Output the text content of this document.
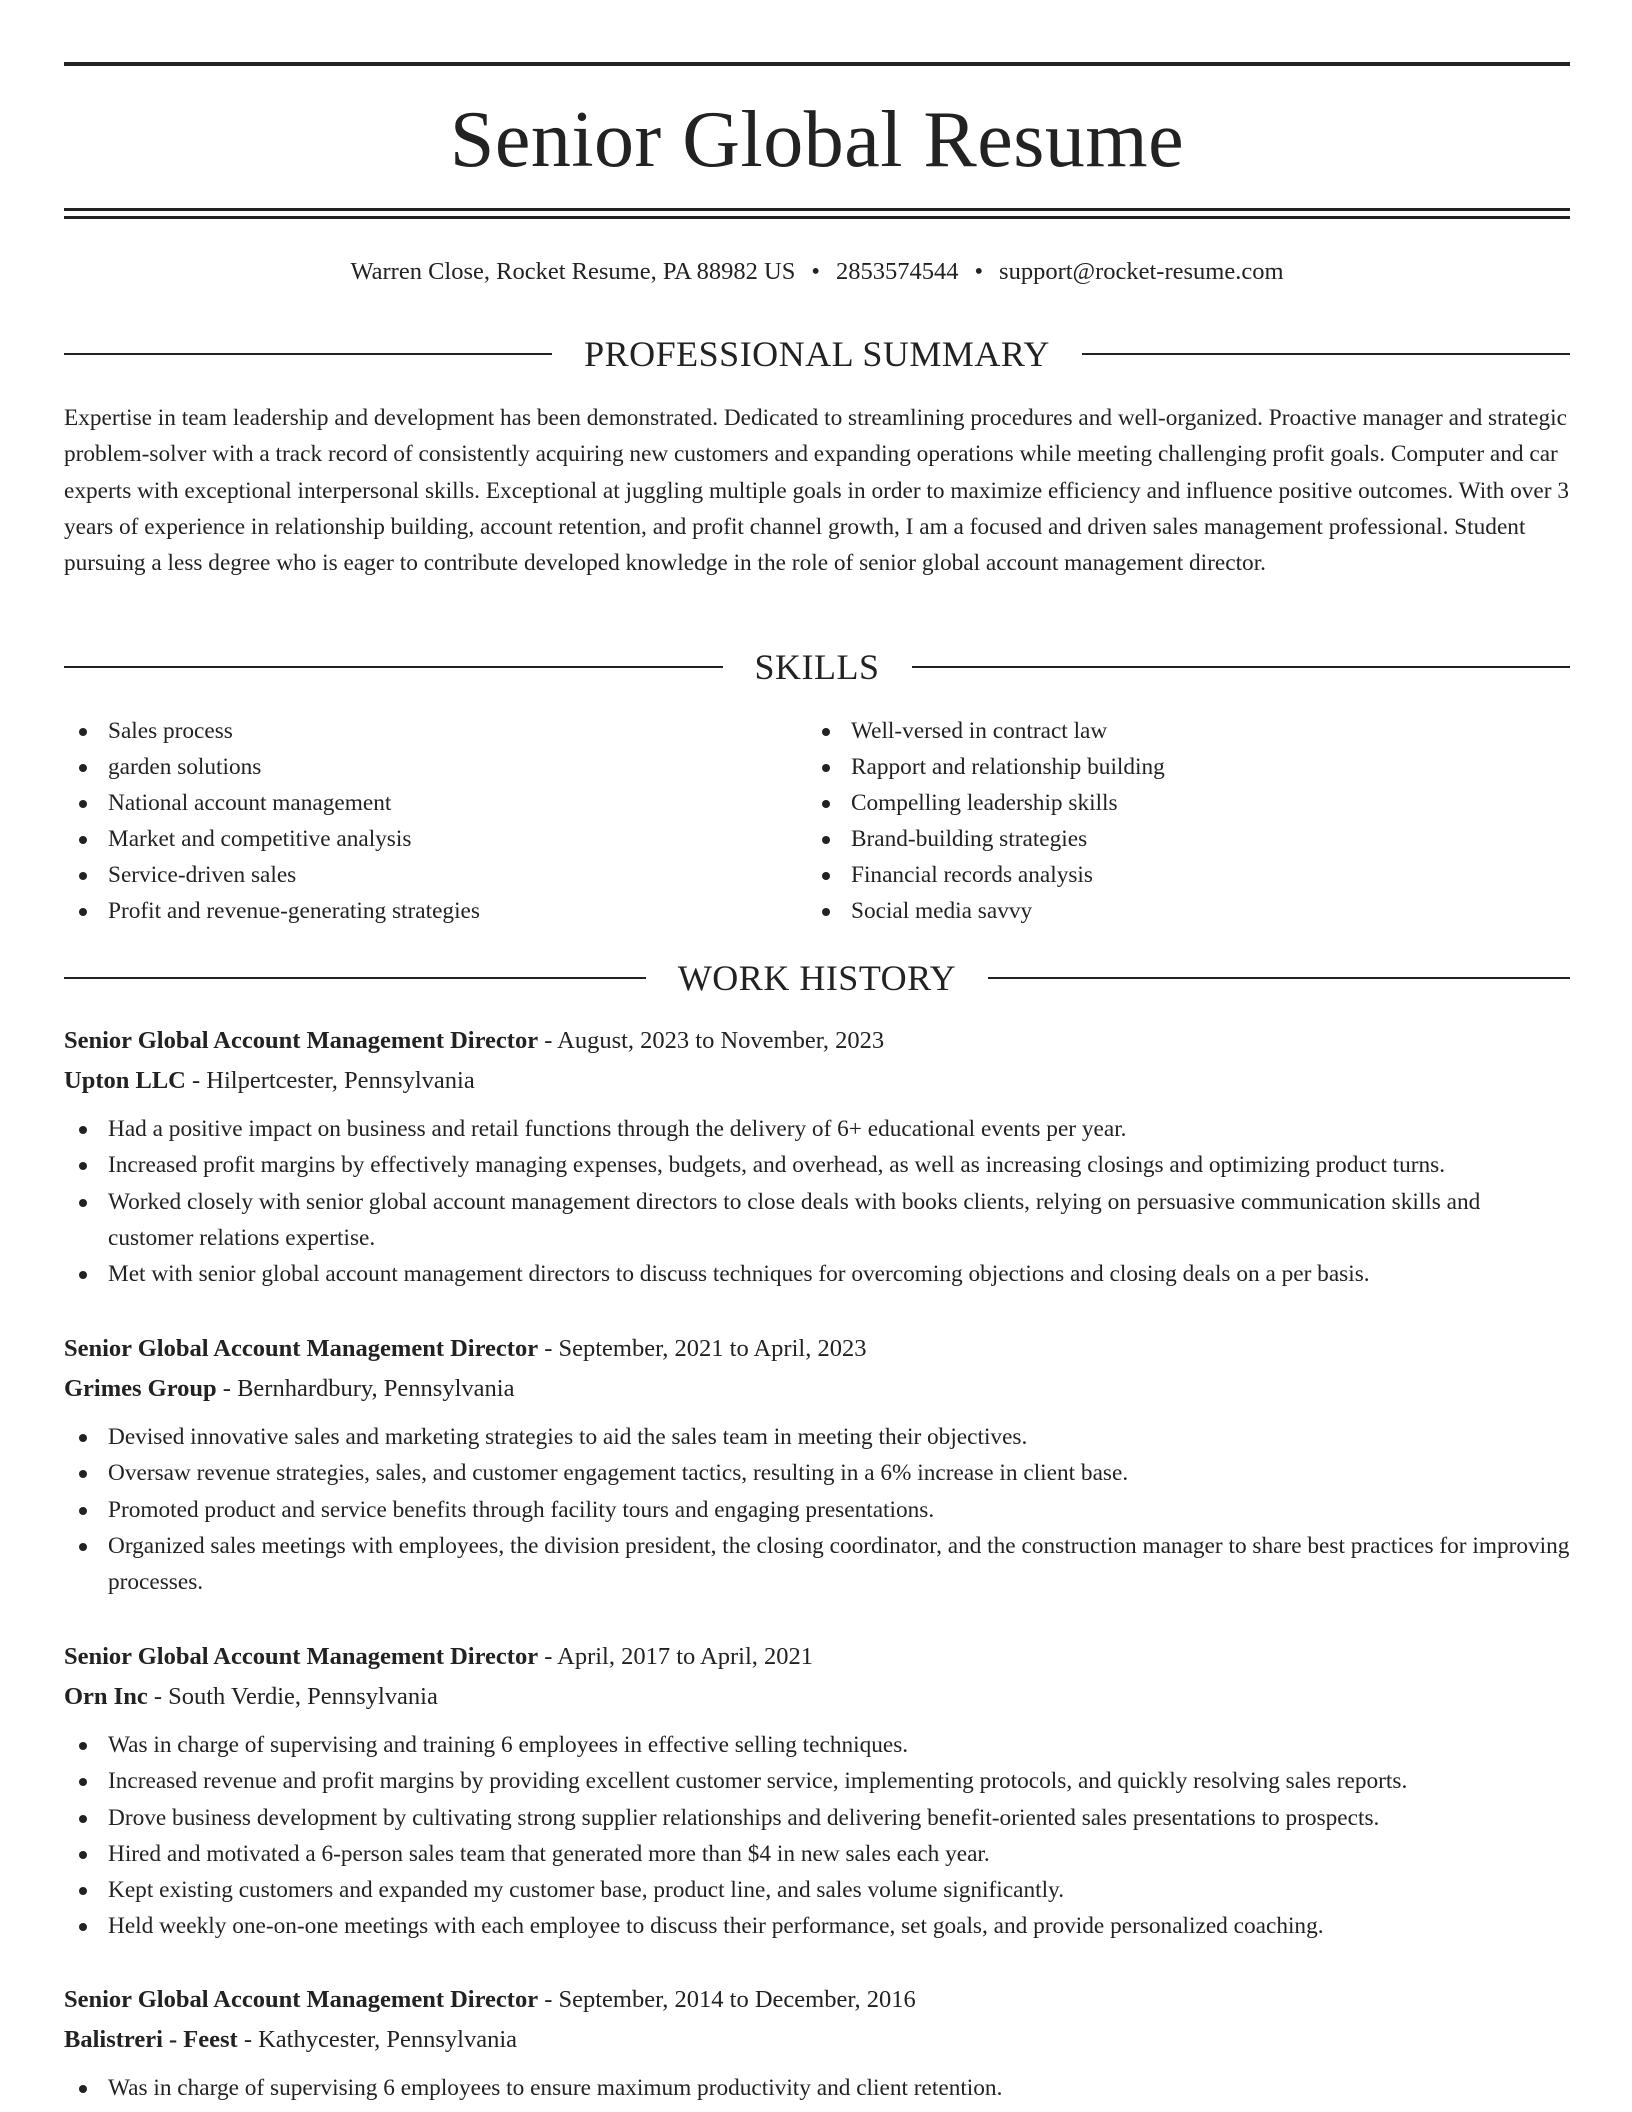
Senior Global Resume
Warren Close, Rocket Resume, PA 88982 US • 2853574544 • support@rocket-resume.com
PROFESSIONAL SUMMARY

Expertise in team leadership and development has been demonstrated. Dedicated to streamlining procedures and well-organized. Proactive manager and strategic problem-solver with a track record of consistently acquiring new customers and expanding operations while meeting challenging profit goals. Computer and car experts with exceptional interpersonal skills. Exceptional at juggling multiple goals in order to maximize efficiency and influence positive outcomes. With over 3 years of experience in relationship building, account retention, and profit channel growth, I am a focused and driven sales management professional. Student pursuing a less degree who is eager to contribute developed knowledge in the role of senior global account management director.

SKILLS
Sales process
garden solutions
National account management
Market and competitive analysis
Service-driven sales
Profit and revenue-generating strategies
Well-versed in contract law
Rapport and relationship building
Compelling leadership skills
Brand-building strategies
Financial records analysis
Social media savvy
WORK HISTORY
Senior Global Account Management Director - August, 2023 to November, 2023
Upton LLC - Hilpertcester, Pennsylvania
Had a positive impact on business and retail functions through the delivery of 6+ educational events per year.
Increased profit margins by effectively managing expenses, budgets, and overhead, as well as increasing closings and optimizing product turns.
Worked closely with senior global account management directors to close deals with books clients, relying on persuasive communication skills and customer relations expertise.
Met with senior global account management directors to discuss techniques for overcoming objections and closing deals on a per basis.
Senior Global Account Management Director - September, 2021 to April, 2023
Grimes Group - Bernhardbury, Pennsylvania
Devised innovative sales and marketing strategies to aid the sales team in meeting their objectives.
Oversaw revenue strategies, sales, and customer engagement tactics, resulting in a 6% increase in client base.
Promoted product and service benefits through facility tours and engaging presentations.
Organized sales meetings with employees, the division president, the closing coordinator, and the construction manager to share best practices for improving processes.
Senior Global Account Management Director - April, 2017 to April, 2021
Orn Inc - South Verdie, Pennsylvania
Was in charge of supervising and training 6 employees in effective selling techniques.
Increased revenue and profit margins by providing excellent customer service, implementing protocols, and quickly resolving sales reports.
Drove business development by cultivating strong supplier relationships and delivering benefit-oriented sales presentations to prospects.
Hired and motivated a 6-person sales team that generated more than $4 in new sales each year.
Kept existing customers and expanded my customer base, product line, and sales volume significantly.
Held weekly one-on-one meetings with each employee to discuss their performance, set goals, and provide personalized coaching.
Senior Global Account Management Director - September, 2014 to December, 2016
Balistreri - Feest - Kathycester, Pennsylvania
Was in charge of supervising 6 employees to ensure maximum productivity and client retention.
